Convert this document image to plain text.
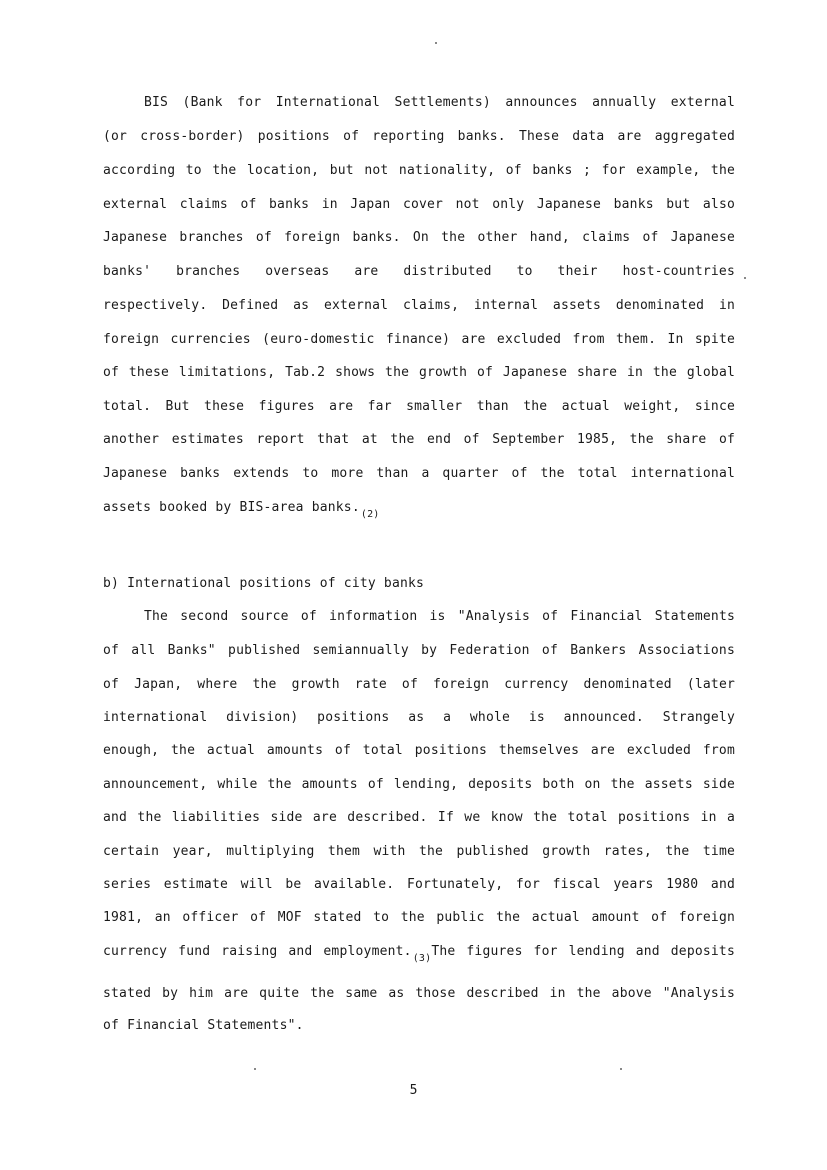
BIS (Bank for International Settlements) announces annually external
(or cross-border) positions of reporting banks. These data are aggregated
according to the location, but not nationality, of banks ; for example, the
external claims of banks in Japan cover not only Japanese banks but also
Japanese branches of foreign banks. On the other hand, claims of Japanese
banks' branches overseas are distributed to their host-countries
respectively. Defined as external claims, internal assets denominated in
foreign currencies (euro-domestic finance) are excluded from them. In spite
of these limitations, Tab.2 shows the growth of Japanese share in the global
total. But these figures are far smaller than the actual weight, since
another estimates report that at the end of September 1985, the share of
Japanese banks extends to more than a quarter of the total international
assets booked by BIS-area $banks._{(2)}$
b) International positions of city banks
The second source of information is "Analysis of Financial Statements
of all Banks" published semiannually by Federation of Bankers Associations
of Japan, where the growth rate of foreign currency denominated (later
international division) positions as a whole is announced. Strangely
enough, the actual amounts of total positions themselves are excluded from
announcement, while the amounts of lending, deposits both on the assets side
and the liabilities side are described. If we know the total positions in a
certain year, multiplying them with the published growth rates, the time
series estimate will be available. Fortunately, for fiscal years 1980 and
1981, an officer of MOF stated to the public the actual amount of foreign
currency fund raising and $employment._{(3)}The$ figures for lending and deposits
stated by him are quite the same as those described in the above "Analysis
of Financial Statements".
5
